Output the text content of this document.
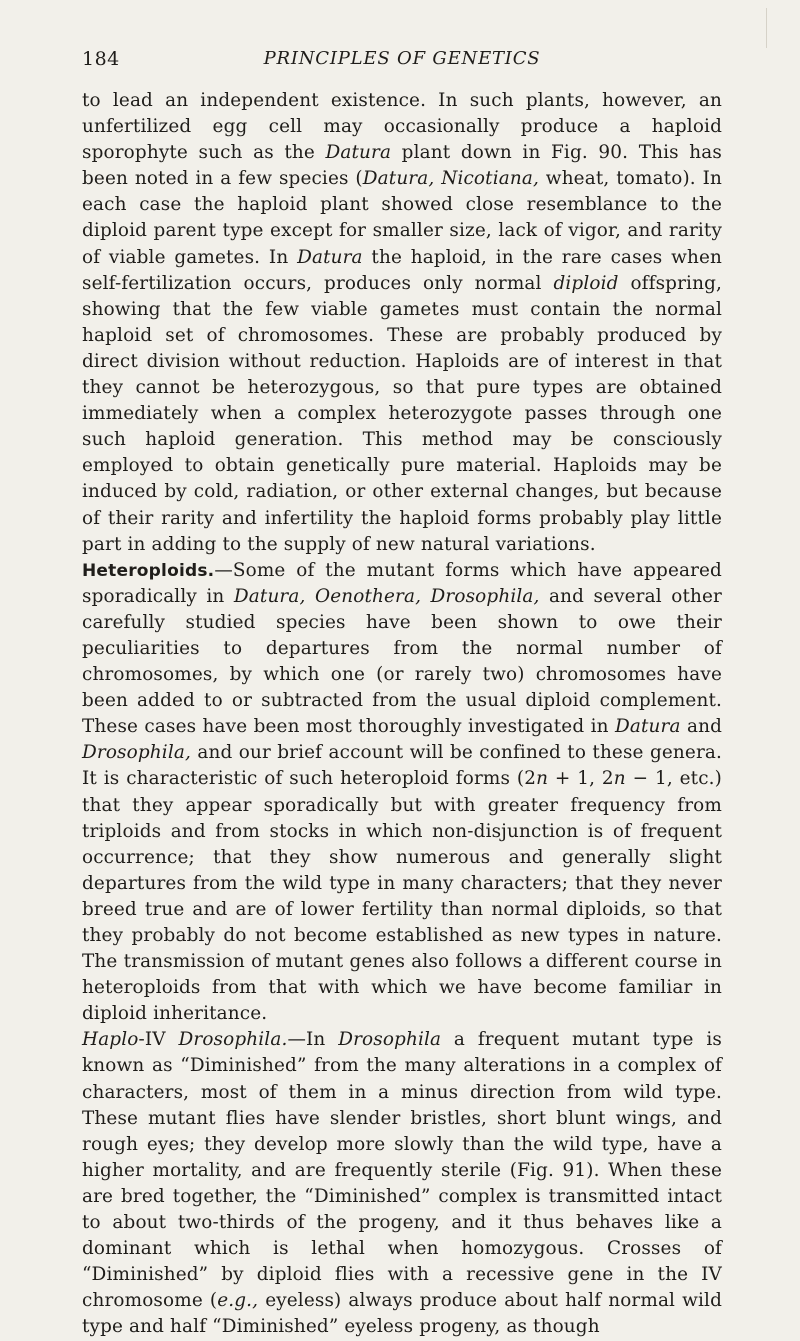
184	PRINCIPLES OF GENETICS

to lead an independent existence. In such plants, however, an unfertilized egg cell may occasionally produce a haploid sporophyte such as the Datura plant down in Fig. 90. This has been noted in a few species (Datura, Nicotiana, wheat, tomato). In each case the haploid plant showed close resemblance to the diploid parent type except for smaller size, lack of vigor, and rarity of viable gametes. In Datura the haploid, in the rare cases when self-fertilization occurs, produces only normal diploid offspring, showing that the few viable gametes must contain the normal haploid set of chromosomes. These are probably produced by direct division without reduction. Haploids are of interest in that they cannot be heterozygous, so that pure types are obtained immediately when a complex heterozygote passes through one such haploid generation. This method may be consciously employed to obtain genetically pure material. Haploids may be induced by cold, radiation, or other external changes, but because of their rarity and infertility the haploid forms probably play little part in adding to the supply of new natural variations.

Heteroploids.—Some of the mutant forms which have appeared sporadically in Datura, Oenothera, Drosophila, and several other carefully studied species have been shown to owe their peculiarities to departures from the normal number of chromosomes, by which one (or rarely two) chromosomes have been added to or subtracted from the usual diploid complement. These cases have been most thoroughly investigated in Datura and Drosophila, and our brief account will be confined to these genera. It is characteristic of such heteroploid forms (2n + 1, 2n − 1, etc.) that they appear sporadically but with greater frequency from triploids and from stocks in which non-disjunction is of frequent occurrence; that they show numerous and generally slight departures from the wild type in many characters; that they never breed true and are of lower fertility than normal diploids, so that they probably do not become established as new types in nature. The transmission of mutant genes also follows a different course in heteroploids from that with which we have become familiar in diploid inheritance.

Haplo-IV Drosophila.—In Drosophila a frequent mutant type is known as “Diminished” from the many alterations in a complex of characters, most of them in a minus direction from wild type. These mutant flies have slender bristles, short blunt wings, and rough eyes; they develop more slowly than the wild type, have a higher mortality, and are frequently sterile (Fig. 91). When these are bred together, the “Diminished” complex is transmitted intact to about two-thirds of the progeny, and it thus behaves like a dominant which is lethal when homozygous. Crosses of “Diminished” by diploid flies with a recessive gene in the IV chromosome (e.g., eyeless) always produce about half normal wild type and half “Diminished” eyeless progeny, as though
